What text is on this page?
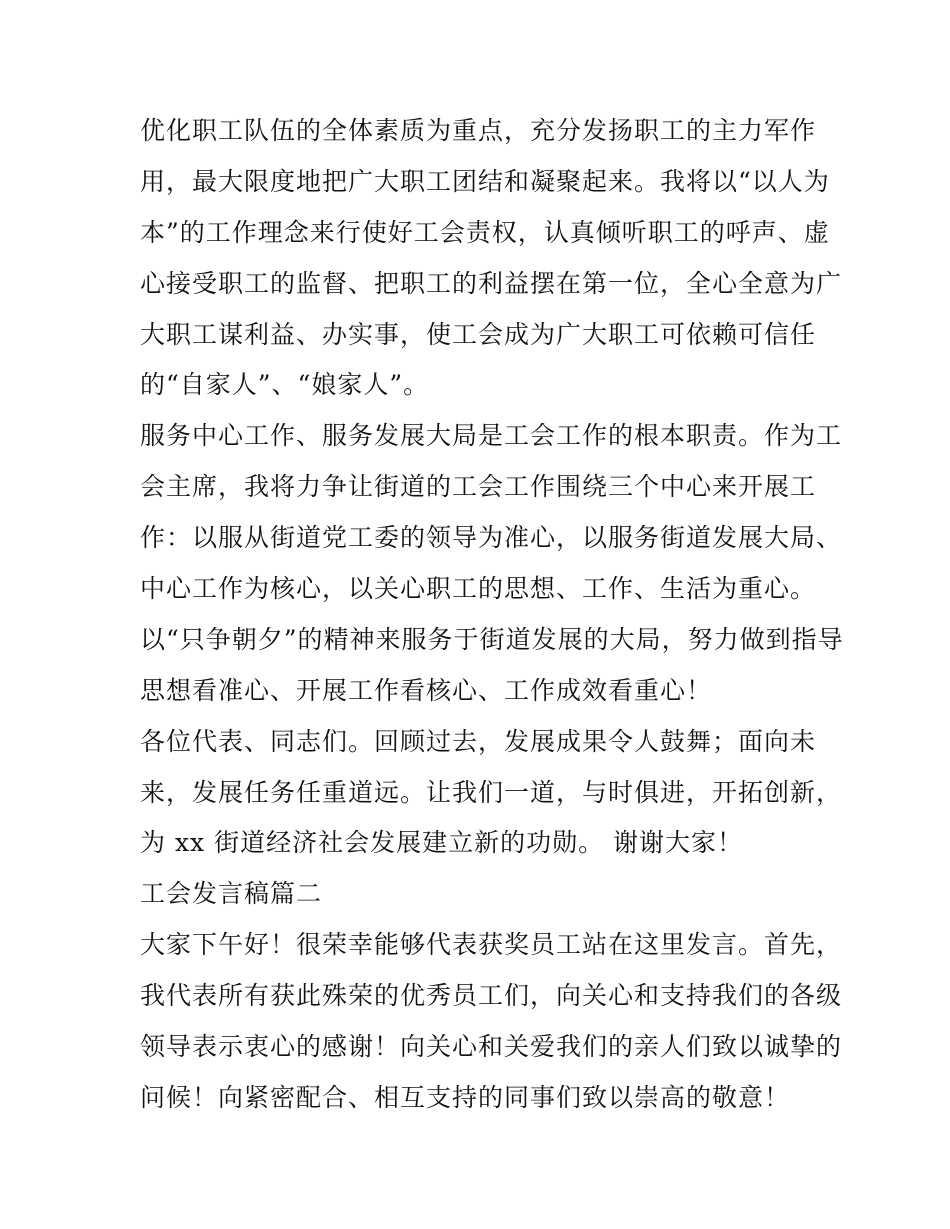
优化职工队伍的全体素质为重点，充分发扬职工的主力军作
用，最大限度地把广大职工团结和凝聚起来。我将以“以人为
本”的工作理念来行使好工会责权，认真倾听职工的呼声、虚
心接受职工的监督、把职工的利益摆在第一位，全心全意为广
大职工谋利益、办实事，使工会成为广大职工可依赖可信任
的“自家人”、“娘家人”。
服务中心工作、服务发展大局是工会工作的根本职责。作为工
会主席，我将力争让街道的工会工作围绕三个中心来开展工
作：以服从街道党工委的领导为准心，以服务街道发展大局、
中心工作为核心，以关心职工的思想、工作、生活为重心。
以“只争朝夕”的精神来服务于街道发展的大局，努力做到指导
思想看准心、开展工作看核心、工作成效看重心！
各位代表、同志们。回顾过去，发展成果令人鼓舞；面向未
来，发展任务任重道远。让我们一道，与时俱进，开拓创新，
为 xx 街道经济社会发展建立新的功勋。 谢谢大家！
工会发言稿篇二
大家下午好！很荣幸能够代表获奖员工站在这里发言。首先，
我代表所有获此殊荣的优秀员工们，向关心和支持我们的各级
领导表示衷心的感谢！向关心和关爱我们的亲人们致以诚挚的
问候！向紧密配合、相互支持的同事们致以崇高的敬意！
